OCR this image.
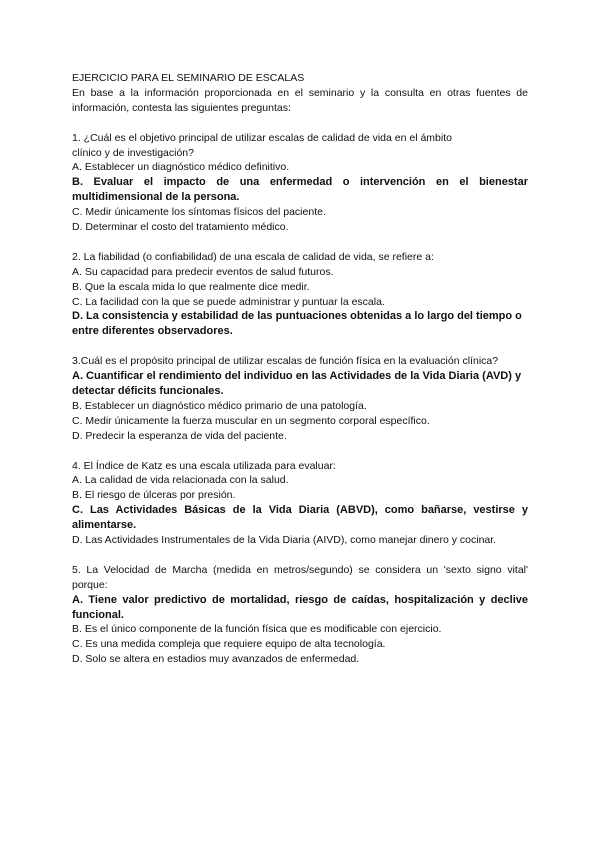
EJERCICIO PARA EL SEMINARIO DE ESCALAS

En base a la información proporcionada en el seminario y la consulta en otras fuentes de información, contesta las siguientes preguntas:

1. ¿Cuál es el objetivo principal de utilizar escalas de calidad de vida en el ámbito

clínico y de investigación?

A. Establecer un diagnóstico médico definitivo.

B. Evaluar el impacto de una enfermedad o intervención en el bienestar multidimensional de la persona.

C. Medir únicamente los síntomas físicos del paciente.

D. Determinar el costo del tratamiento médico.

2. La fiabilidad (o confiabilidad) de una escala de calidad de vida, se refiere a:

A. Su capacidad para predecir eventos de salud futuros.

B. Que la escala mida lo que realmente dice medir.

C. La facilidad con la que se puede administrar y puntuar la escala.

D. La consistencia y estabilidad de las puntuaciones obtenidas a lo largo del tiempo o entre diferentes observadores.

3.Cuál es el propósito principal de utilizar escalas de función física en la evaluación clínica?

A. Cuantificar el rendimiento del individuo en las Actividades de la Vida Diaria (AVD) y detectar déficits funcionales.

B. Establecer un diagnóstico médico primario de una patología.

C. Medir únicamente la fuerza muscular en un segmento corporal específico.

D. Predecir la esperanza de vida del paciente.

4. El Índice de Katz es una escala utilizada para evaluar:

A. La calidad de vida relacionada con la salud.

B. El riesgo de úlceras por presión.

C. Las Actividades Básicas de la Vida Diaria (ABVD), como bañarse, vestirse y alimentarse.

D. Las Actividades Instrumentales de la Vida Diaria (AIVD), como manejar dinero y cocinar.

5. La Velocidad de Marcha (medida en metros/segundo) se considera un 'sexto signo vital' porque:

A. Tiene valor predictivo de mortalidad, riesgo de caídas, hospitalización y declive funcional.

B. Es el único componente de la función física que es modificable con ejercicio.

C. Es una medida compleja que requiere equipo de alta tecnología.

D. Solo se altera en estadios muy avanzados de enfermedad.
